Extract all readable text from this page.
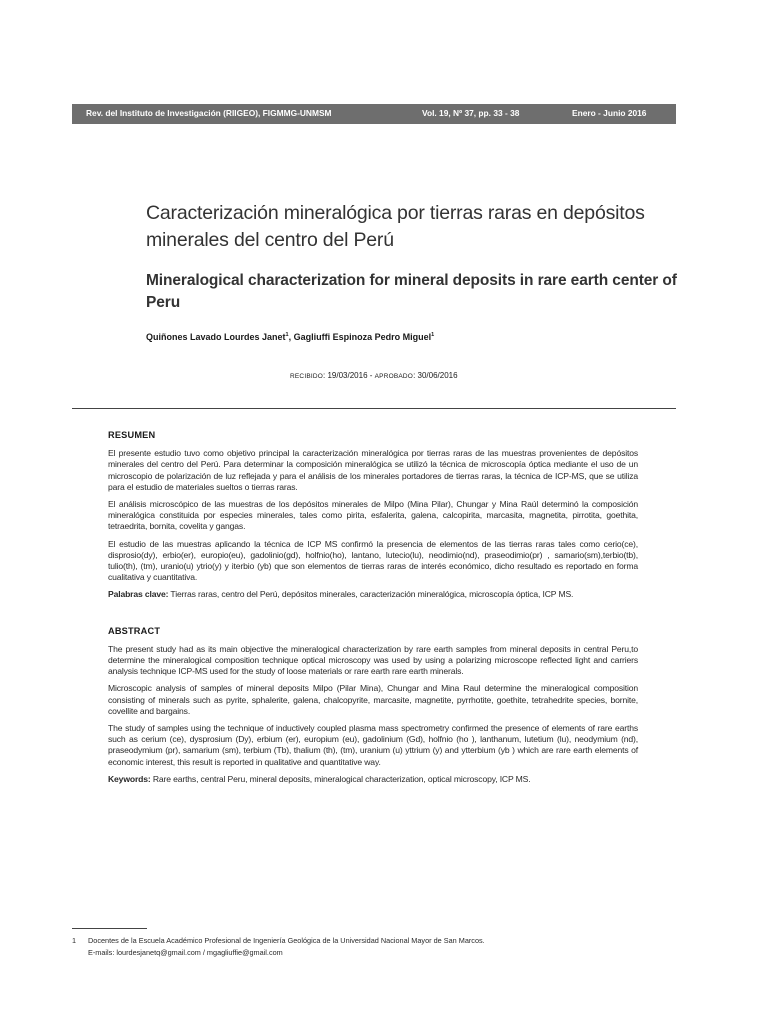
Rev. del Instituto de Investigación (RIIGEO), FIGMMG-UNMSM	Vol. 19, Nº 37, pp. 33 - 38	Enero - Junio 2016
Caracterización mineralógica por tierras raras en depósitos minerales del centro del Perú
Mineralogical characterization for mineral deposits in rare earth center of Peru
Quiñones Lavado Lourdes Janet$^1$, Gagliuffi Espinoza Pedro Miguel$^1$
RECIBIDO: 19/03/2016 - APROBADO: 30/06/2016
RESUMEN

El presente estudio tuvo como objetivo principal la caracterización mineralógica por tierras raras de las muestras provenientes de depósitos minerales del centro del Perú. Para determinar la composición mineralógica se utilizó la técnica de microscopía óptica mediante el uso de un microscopio de polarización de luz reflejada y para el análisis de los minerales portadores de tierras raras, la técnica de ICP-MS, que se utiliza para el estudio de materiales sueltos o tierras raras.

El análisis microscópico de las muestras de los depósitos minerales de Milpo (Mina Pilar), Chungar y Mina Raúl determinó la composición mineralógica constituida por especies minerales, tales como pirita, esfalerita, galena, calcopirita, marcasita, magnetita, pirrotita, goethita, tetraedrita, bornita, covelita y gangas.

El estudio de las muestras aplicando la técnica de ICP MS confirmó la presencia de elementos de las tierras raras tales como cerio(ce), disprosio(dy), erbio(er), europio(eu), gadolinio(gd), holfnio(ho), lantano, lutecio(lu), neodimio(nd), praseodimio(pr) , samario(sm),terbio(tb), tulio(th), (tm), uranio(u) ytrio(y) y iterbio (yb) que son elementos de tierras raras de interés económico, dicho resultado es reportado en forma cualitativa y cuantitativa.

Palabras clave: Tierras raras, centro del Perú, depósitos minerales, caracterización mineralógica, microscopía óptica, ICP MS.

ABSTRACT

The present study had as its main objective the mineralogical characterization by rare earth samples from mineral deposits in central Peru,to determine the mineralogical composition technique optical microscopy was used by using a polarizing microscope reflected light and carriers analysis technique ICP-MS used for the study of loose materials or rare earth rare earth minerals.

Microscopic analysis of samples of mineral deposits Milpo (Pilar Mina), Chungar and Mina Raul determine the mineralogical composition consisting of minerals such as pyrite, sphalerite, galena, chalcopyrite, marcasite, magnetite, pyrrhotite, goethite, tetrahedrite species, bornite, covellite and bargains.

The study of samples using the technique of inductively coupled plasma mass spectrometry confirmed the presence of elements of rare earths such as cerium (ce), dysprosium (Dy), erbium (er), europium (eu), gadolinium (Gd), holfnio (ho ), lanthanum, lutetium (lu), neodymium (nd), praseodymium (pr), samarium (sm), terbium (Tb), thalium (th), (tm), uranium (u) yttrium (y) and ytterbium (yb ) which are rare earth elements of economic interest, this result is reported in qualitative and quantitative way.

Keywords: Rare earths, central Peru, mineral deposits, mineralogical characterization, optical microscopy, ICP MS.

1 Docentes de la Escuela Académico Profesional de Ingeniería Geológica de la Universidad Nacional Mayor de San Marcos.
E-mails: lourdesjanetq@gmail.com / mgagliuffie@gmail.com
